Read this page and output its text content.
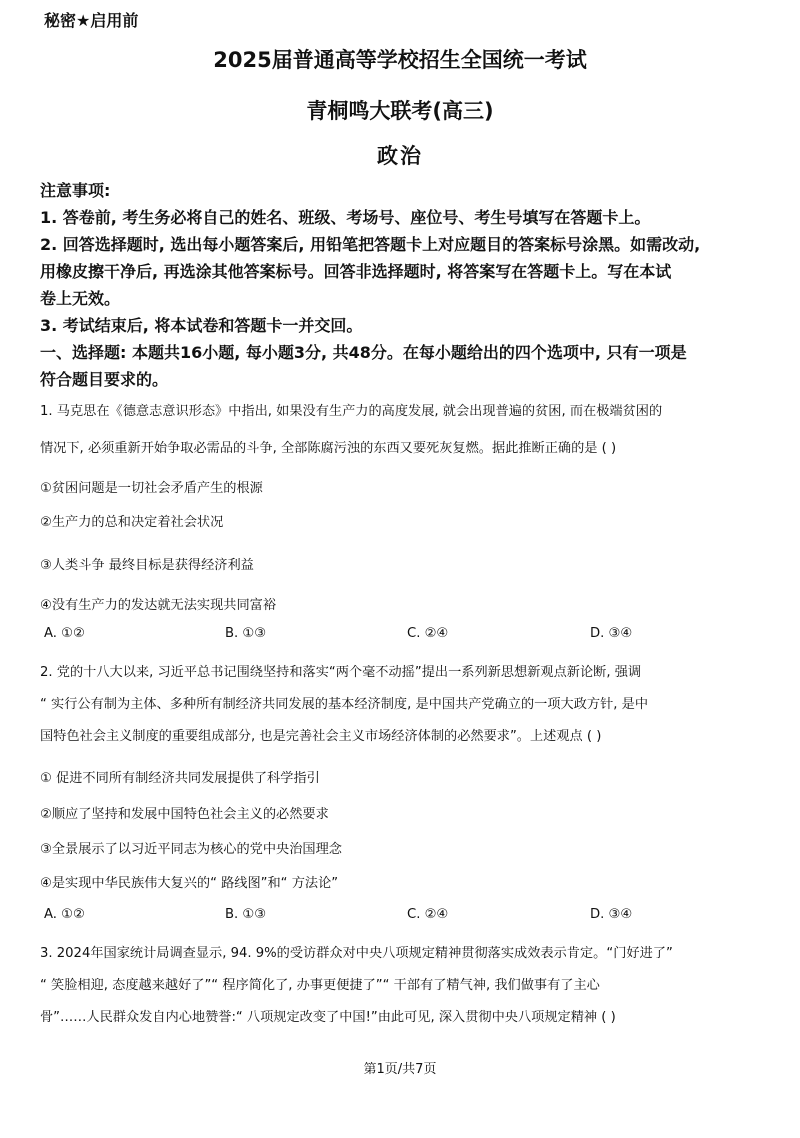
秘密★启用前
2025届普通高等学校招生全国统一考试
青桐鸣大联考(高三)
政治

注意事项:

1. 答卷前, 考生务必将自己的姓名、班级、考场号、座位号、考生号填写在答题卡上。

2. 回答选择题时, 选出每小题答案后, 用铅笔把答题卡上对应题目的答案标号涂黑。如需改动,

用橡皮擦干净后, 再选涂其他答案标号。回答非选择题时, 将答案写在答题卡上。写在本试

卷上无效。

3. 考试结束后, 将本试卷和答题卡一并交回。

一、选择题: 本题共16小题, 每小题3分, 共48分。在每小题给出的四个选项中, 只有一项是

符合题目要求的。

1. 马克思在《德意志意识形态》中指出, 如果没有生产力的高度发展, 就会出现普遍的贫困, 而在极端贫困的

情况下, 必须重新开始争取必需品的斗争, 全部陈腐污浊的东西又要死灰复燃。据此推断正确的是 ( )

①贫困问题是一切社会矛盾产生的根源
②生产力的总和决定着社会状况
③人类斗争 最终目标是获得经济利益
④没有生产力的发达就无法实现共同富裕
A. ①②	B. ①③	C. ②④	D. ③④

2. 党的十八大以来, 习近平总书记围绕坚持和落实“两个毫不动摇”提出一系列新思想新观点新论断, 强调

“ 实行公有制为主体、多种所有制经济共同发展的基本经济制度, 是中国共产党确立的一项大政方针, 是中

国特色社会主义制度的重要组成部分, 也是完善社会主义市场经济体制的必然要求”。上述观点 ( )

① 促进不同所有制经济共同发展提供了科学指引
②顺应了坚持和发展中国特色社会主义的必然要求
③全景展示了以习近平同志为核心的党中央治国理念
④是实现中华民族伟大复兴的“ 路线图”和“ 方法论”
A. ①②	B. ①③	C. ②④	D. ③④

3. 2024年国家统计局调查显示, 94. 9%的受访群众对中央八项规定精神贯彻落实成效表示肯定。“门好进了”

“ 笑脸相迎, 态度越来越好了”“ 程序简化了, 办事更便捷了”“ 干部有了精气神, 我们做事有了主心

骨”……人民群众发自内心地赞誉:“ 八项规定改变了中国!”由此可见, 深入贯彻中央八项规定精神 ( )

第1页/共7页
